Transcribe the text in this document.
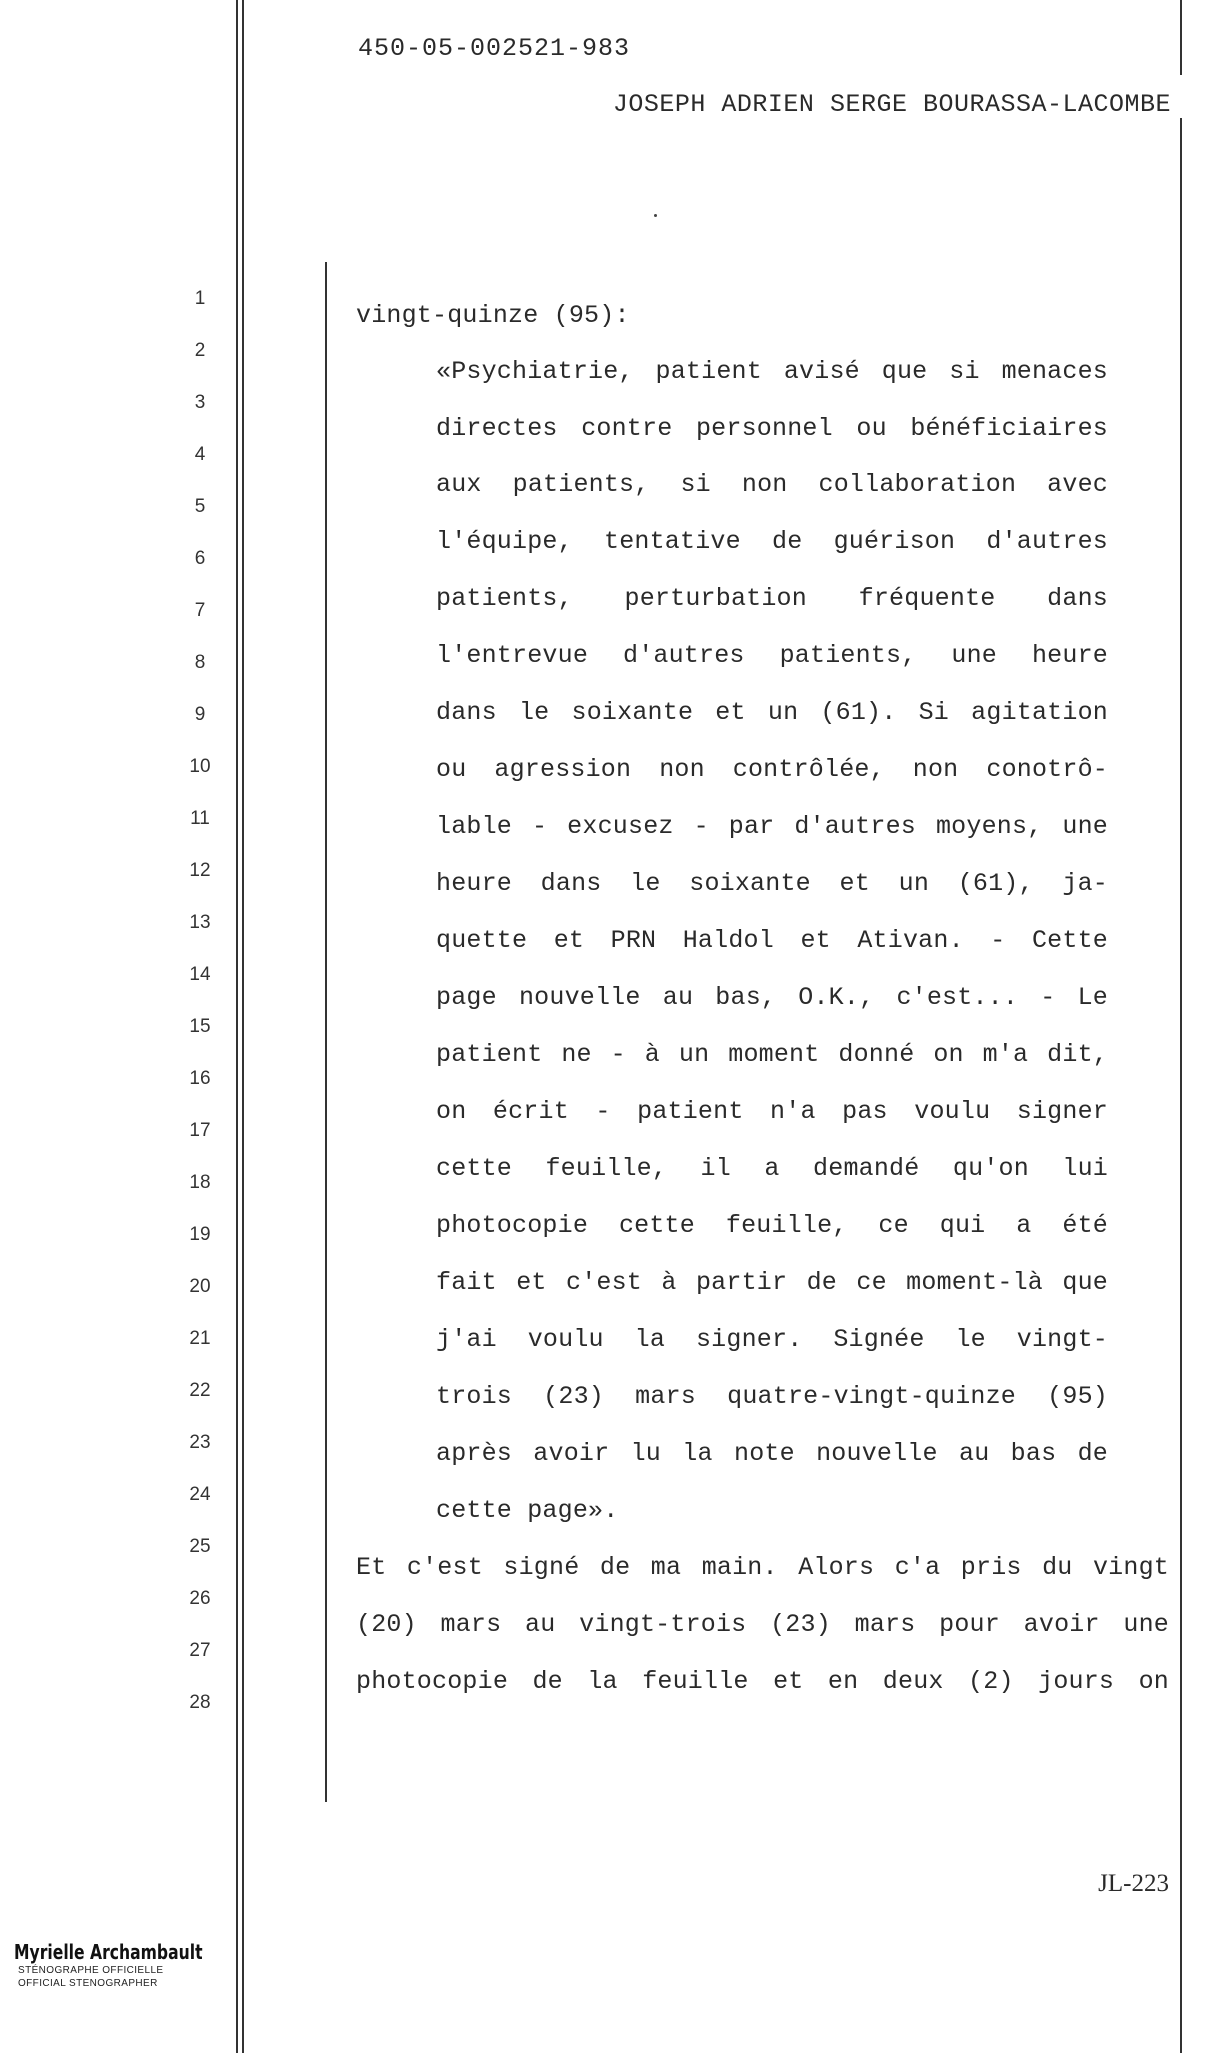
450-05-002521-983
JOSEPH ADRIEN SERGE BOURASSA-LACOMBE
1
2
3
4
5
6
7
8
9
10
11
12
13
14
15
16
17
18
19
20
21
22
23
24
25
26
27
28
vingt-quinze (95):
«Psychiatrie, patient avisé que si menaces
directes contre personnel ou bénéficiaires
aux patients, si non collaboration avec
l'équipe, tentative de guérison d'autres
patients, perturbation fréquente dans
l'entrevue d'autres patients, une heure
dans le soixante et un (61). Si agitation
ou agression non contrôlée, non conotrô-
lable - excusez - par d'autres moyens, une
heure dans le soixante et un (61), ja-
quette et PRN Haldol et Ativan. - Cette
page nouvelle au bas, O.K., c'est... - Le
patient ne - à un moment donné on m'a dit,
on écrit - patient n'a pas voulu signer
cette feuille, il a demandé qu'on lui
photocopie cette feuille, ce qui a été
fait et c'est à partir de ce moment-là que
j'ai voulu la signer. Signée le vingt-
trois (23) mars quatre-vingt-quinze (95)
après avoir lu la note nouvelle au bas de
cette page».
Et c'est signé de ma main. Alors c'a pris du vingt
(20) mars au vingt-trois (23) mars pour avoir une
photocopie de la feuille et en deux (2) jours on
JL-223
Myrielle Archambault
STÉNOGRAPHE OFFICIELLE
OFFICIAL STENOGRAPHER
